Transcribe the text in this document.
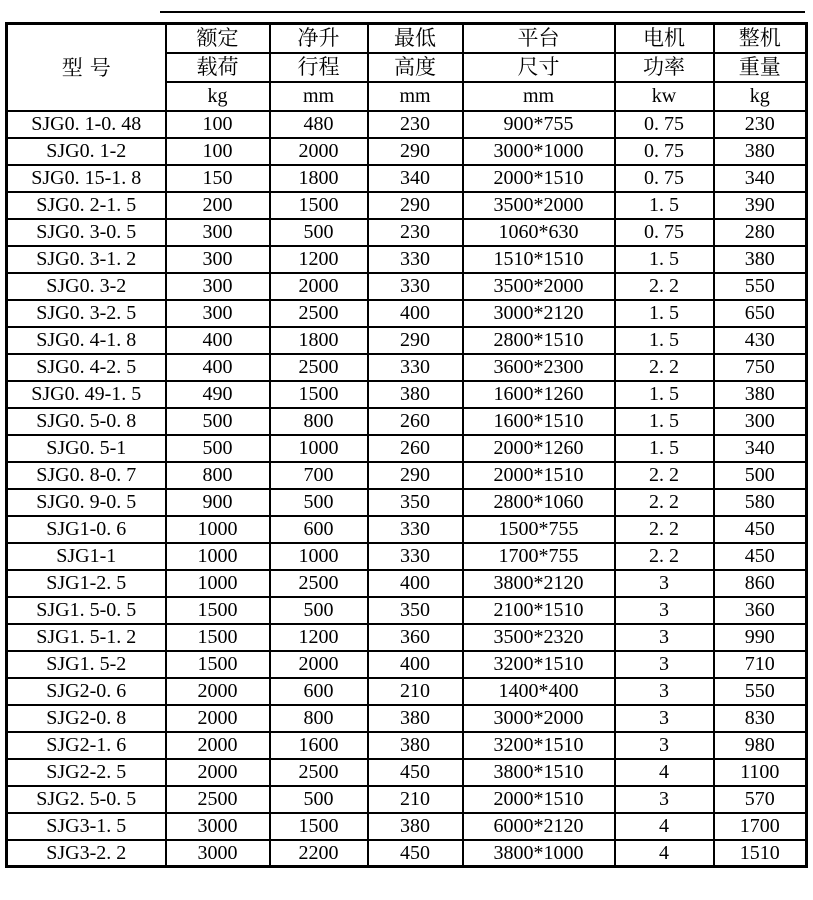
型号	额定	净升	最低	平台	电机	整机
	载荷	行程	高度	尺寸	功率	重量
	kg	mm	mm	mm	kw	kg
SJG0. 1-0. 48	100	480	230	900*755	0. 75	230
SJG0. 1-2	100	2000	290	3000*1000	0. 75	380
SJG0. 15-1. 8	150	1800	340	2000*1510	0. 75	340
SJG0. 2-1. 5	200	1500	290	3500*2000	1. 5	390
SJG0. 3-0. 5	300	500	230	1060*630	0. 75	280
SJG0. 3-1. 2	300	1200	330	1510*1510	1. 5	380
SJG0. 3-2	300	2000	330	3500*2000	2. 2	550
SJG0. 3-2. 5	300	2500	400	3000*2120	1. 5	650
SJG0. 4-1. 8	400	1800	290	2800*1510	1. 5	430
SJG0. 4-2. 5	400	2500	330	3600*2300	2. 2	750
SJG0. 49-1. 5	490	1500	380	1600*1260	1. 5	380
SJG0. 5-0. 8	500	800	260	1600*1510	1. 5	300
SJG0. 5-1	500	1000	260	2000*1260	1. 5	340
SJG0. 8-0. 7	800	700	290	2000*1510	2. 2	500
SJG0. 9-0. 5	900	500	350	2800*1060	2. 2	580
SJG1-0. 6	1000	600	330	1500*755	2. 2	450
SJG1-1	1000	1000	330	1700*755	2. 2	450
SJG1-2. 5	1000	2500	400	3800*2120	3	860
SJG1. 5-0. 5	1500	500	350	2100*1510	3	360
SJG1. 5-1. 2	1500	1200	360	3500*2320	3	990
SJG1. 5-2	1500	2000	400	3200*1510	3	710
SJG2-0. 6	2000	600	210	1400*400	3	550
SJG2-0. 8	2000	800	380	3000*2000	3	830
SJG2-1. 6	2000	1600	380	3200*1510	3	980
SJG2-2. 5	2000	2500	450	3800*1510	4	1100
SJG2. 5-0. 5	2500	500	210	2000*1510	3	570
SJG3-1. 5	3000	1500	380	6000*2120	4	1700
SJG3-2. 2	3000	2200	450	3800*1000	4	1510
